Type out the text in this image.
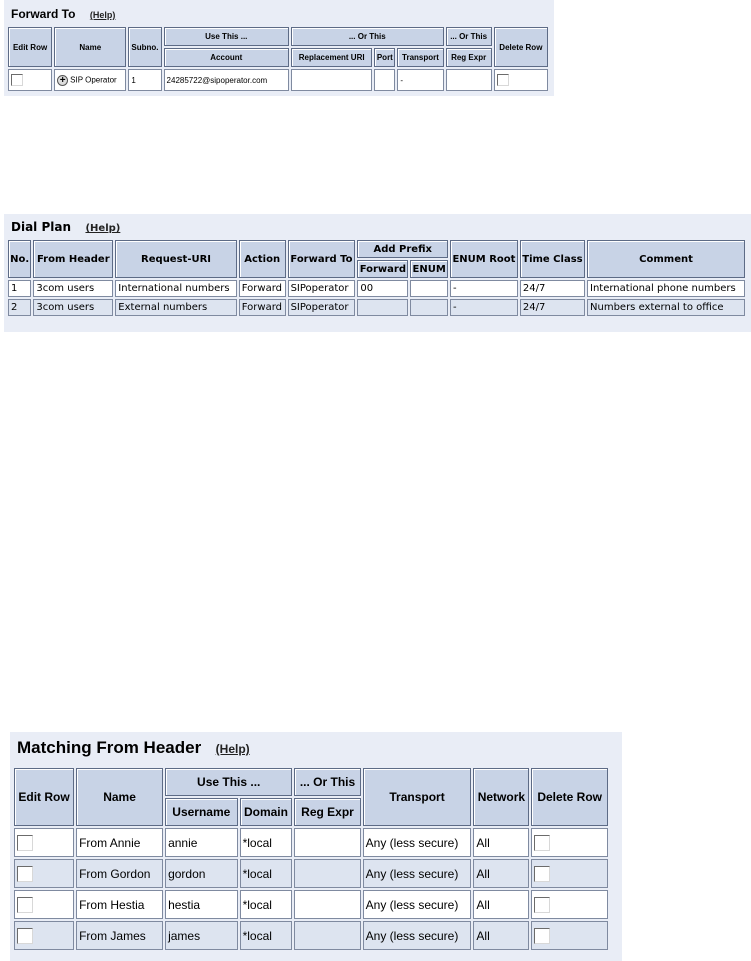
Forward To (Help)
Edit Row	Name	Subno.	Use This ...	... Or This			... Or This	Delete Row
			Account	Replacement URI	Port	Transport	Reg Expr	
	+ SIP Operator	1	24285722@sipoperator.com			-		
Dial Plan (Help)
No.	From Header	Request-URI	Action	Forward To	Add Prefix		ENUM Root	Time Class	Comment
					Forward	ENUM			
1	3com users	International numbers	Forward	SIPoperator	00		-	24/7	International phone numbers
2	3com users	External numbers	Forward	SIPoperator			-	24/7	Numbers external to office
Matching From Header (Help)
Edit Row	Name	Use This ...		... Or This	Transport	Network	Delete Row
		Username	Domain	Reg Expr			
	From Annie	annie	*local		Any (less secure)	All	
	From Gordon	gordon	*local		Any (less secure)	All	
	From Hestia	hestia	*local		Any (less secure)	All	
	From James	james	*local		Any (less secure)	All	
